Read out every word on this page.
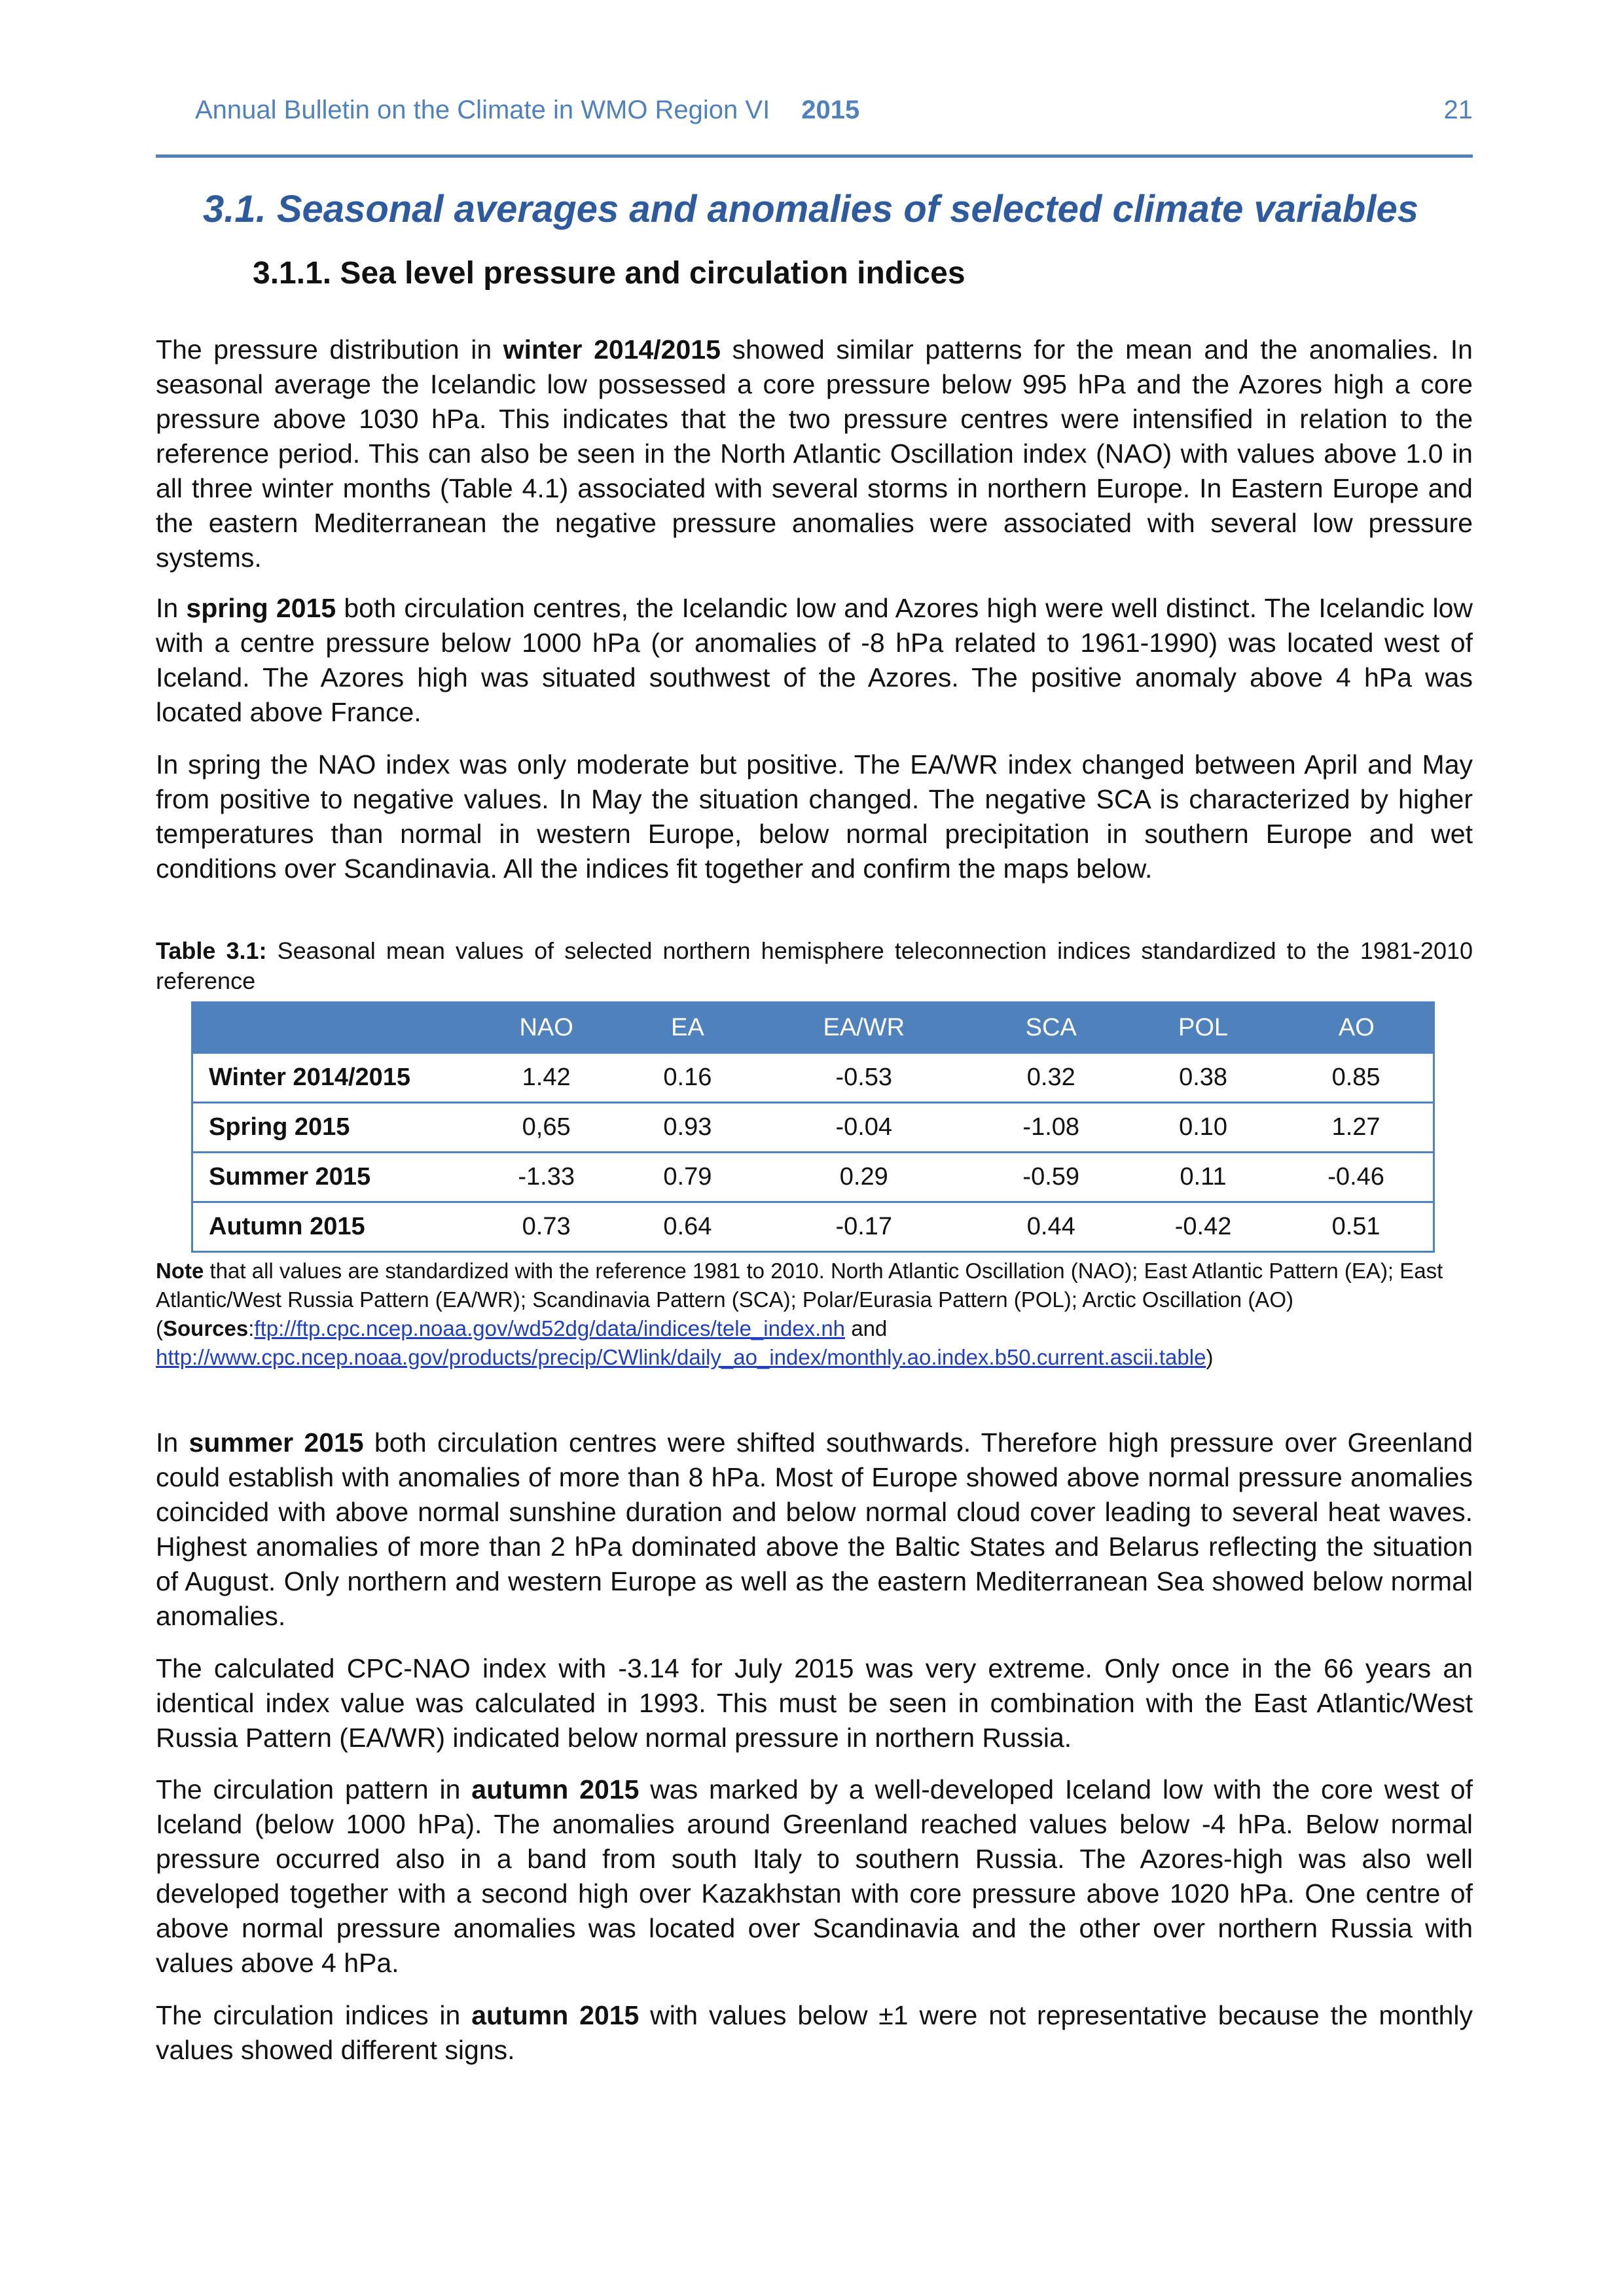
Annual Bulletin on the Climate in WMO Region VI 2015	21
3.1. Seasonal averages and anomalies of selected climate variables
3.1.1. Sea level pressure and circulation indices

The pressure distribution in winter 2014/2015 showed similar patterns for the mean and the anomalies. In seasonal average the Icelandic low possessed a core pressure below 995 hPa and the Azores high a core pressure above 1030 hPa. This indicates that the two pressure centres were intensified in relation to the reference period. This can also be seen in the North Atlantic Oscillation index (NAO) with values above 1.0 in all three winter months (Table 4.1) associated with several storms in northern Europe. In Eastern Europe and the eastern Mediterranean the negative pressure anomalies were associated with several low pressure systems.

In spring 2015 both circulation centres, the Icelandic low and Azores high were well distinct. The Icelandic low with a centre pressure below 1000 hPa (or anomalies of -8 hPa related to 1961-1990) was located west of Iceland. The Azores high was situated southwest of the Azores. The positive anomaly above 4 hPa was located above France.

In spring the NAO index was only moderate but positive. The EA/WR index changed between April and May from positive to negative values. In May the situation changed. The negative SCA is characterized by higher temperatures than normal in western Europe, below normal precipitation in southern Europe and wet conditions over Scandinavia. All the indices fit together and confirm the maps below.

Table 3.1: Seasonal mean values of selected northern hemisphere teleconnection indices standardized to the 1981-2010 reference

	NAO	EA	EA/WR	SCA	POL	AO
Winter 2014/2015	1.42	0.16	-0.53	0.32	0.38	0.85
Spring 2015	0,65	0.93	-0.04	-1.08	0.10	1.27
Summer 2015	-1.33	0.79	0.29	-0.59	0.11	-0.46
Autumn 2015	0.73	0.64	-0.17	0.44	-0.42	0.51

Note that all values are standardized with the reference 1981 to 2010. North Atlantic Oscillation (NAO); East Atlantic Pattern (EA); East Atlantic/West Russia Pattern (EA/WR); Scandinavia Pattern (SCA); Polar/Eurasia Pattern (POL); Arctic Oscillation (AO)
(Sources:ftp://ftp.cpc.ncep.noaa.gov/wd52dg/data/indices/tele_index.nh and
http://www.cpc.ncep.noaa.gov/products/precip/CWlink/daily_ao_index/monthly.ao.index.b50.current.ascii.table)

In summer 2015 both circulation centres were shifted southwards. Therefore high pressure over Greenland could establish with anomalies of more than 8 hPa. Most of Europe showed above normal pressure anomalies coincided with above normal sunshine duration and below normal cloud cover leading to several heat waves. Highest anomalies of more than 2 hPa dominated above the Baltic States and Belarus reflecting the situation of August. Only northern and western Europe as well as the eastern Mediterranean Sea showed below normal anomalies.

The calculated CPC-NAO index with -3.14 for July 2015 was very extreme. Only once in the 66 years an identical index value was calculated in 1993. This must be seen in combination with the East Atlantic/West Russia Pattern (EA/WR) indicated below normal pressure in northern Russia.

The circulation pattern in autumn 2015 was marked by a well-developed Iceland low with the core west of Iceland (below 1000 hPa). The anomalies around Greenland reached values below -4 hPa. Below normal pressure occurred also in a band from south Italy to southern Russia. The Azores-high was also well developed together with a second high over Kazakhstan with core pressure above 1020 hPa. One centre of above normal pressure anomalies was located over Scandinavia and the other over northern Russia with values above 4 hPa.

The circulation indices in autumn 2015 with values below ±1 were not representative because the monthly values showed different signs.
